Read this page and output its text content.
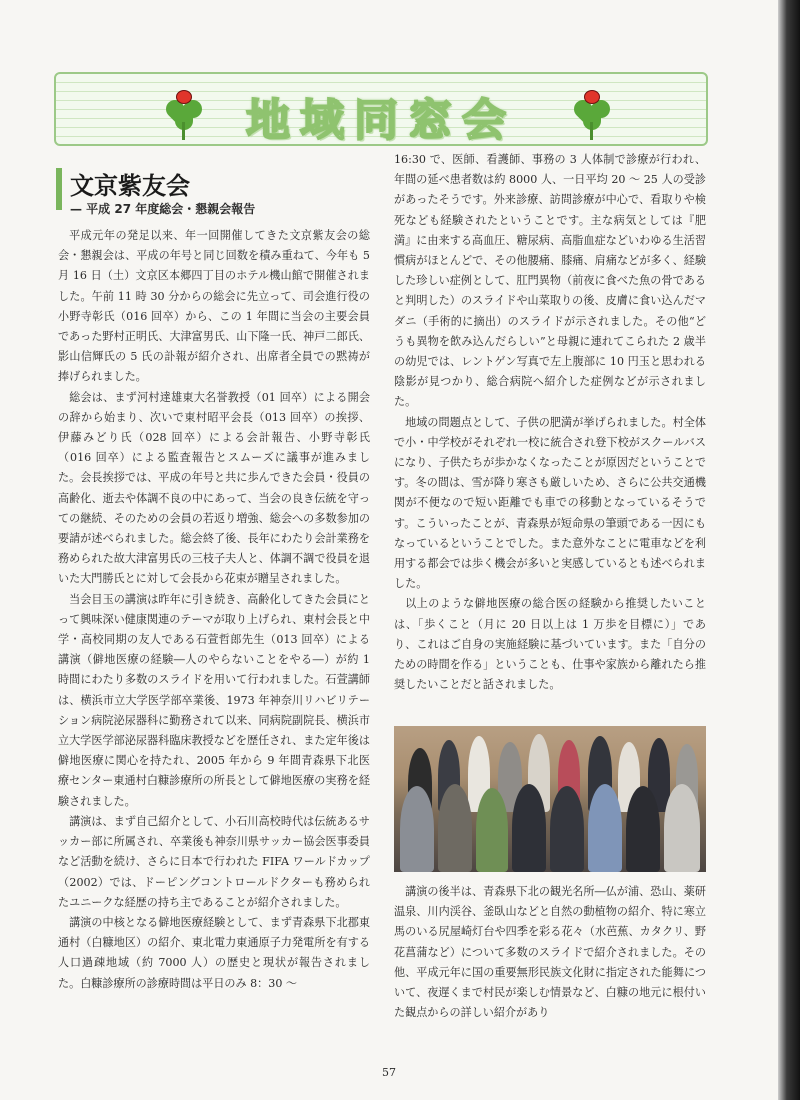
地域同窓会
文京紫友会
— 平成 27 年度総会・懇親会報告

平成元年の発足以来、年一回開催してきた文京紫友会の総会・懇親会は、平成の年号と同じ回数を積み重ねて、今年も 5 月 16 日（土）文京区本郷四丁目のホテル機山館で開催されました。午前 11 時 30 分からの総会に先立って、司会進行役の小野寺彰氏（016 回卒）から、この 1 年間に当会の主要会員であった野村正明氏、大津富男氏、山下隆一氏、神戸二郎氏、影山信輝氏の 5 氏の訃報が紹介され、出席者全員での黙祷が捧げられました。

総会は、まず河村達雄東大名誉教授（01 回卒）による開会の辞から始まり、次いで東村昭平会長（013 回卒）の挨拶、伊藤みどり氏（028 回卒）による会計報告、小野寺彰氏（016 回卒）による監査報告とスムーズに議事が進みました。会長挨拶では、平成の年号と共に歩んできた会員・役員の高齢化、逝去や体調不良の中にあって、当会の良き伝統を守っての継続、そのための会員の若返り増強、総会への多数参加の要請が述べられました。総会終了後、長年にわたり会計業務を務められた故大津富男氏の三枝子夫人と、体調不調で役員を退いた大門勝氏とに対して会長から花束が贈呈されました。

当会目玉の講演は昨年に引き続き、高齢化してきた会員にとって興味深い健康関連のテーマが取り上げられ、東村会長と中学・高校同期の友人である石萱哲郎先生（013 回卒）による講演（僻地医療の経験―人のやらないことをやる―）が約 1 時間にわたり多数のスライドを用いて行われました。石萱講師は、横浜市立大学医学部卒業後、1973 年神奈川リハビリテーション病院泌尿器科に勤務されて以来、同病院副院長、横浜市立大学医学部泌尿器科臨床教授などを歴任され、また定年後は僻地医療に関心を持たれ、2005 年から 9 年間青森県下北医療センター東通村白糠診療所の所長として僻地医療の実務を経験されました。

講演は、まず自己紹介として、小石川高校時代は伝統あるサッカー部に所属され、卒業後も神奈川県サッカー協会医事委員など活動を続け、さらに日本で行われた FIFA ワールドカップ（2002）では、ドーピングコントロールドクターも務められたユニークな経歴の持ち主であることが紹介されました。

講演の中核となる僻地医療経験として、まず青森県下北郡東通村（白糠地区）の紹介、東北電力東通原子力発電所を有する人口過疎地域（約 7000 人）の歴史と現状が報告されました。白糠診療所の診療時間は平日のみ 8：30 ～

16:30 で、医師、看護師、事務の 3 人体制で診療が行われ、年間の延べ患者数は約 8000 人、一日平均 20 ～ 25 人の受診があったそうです。外来診療、訪問診療が中心で、看取りや検死なども経験されたということです。主な病気としては『肥満』に由来する高血圧、糖尿病、高脂血症などいわゆる生活習慣病がほとんどで、その他腰痛、膝痛、肩痛などが多く、経験した珍しい症例として、肛門異物（前夜に食べた魚の骨であると判明した）のスライドや山菜取りの後、皮膚に食い込んだマダニ（手術的に摘出）のスライドが示されました。その他“どうも異物を飲み込んだらしい”と母親に連れてこられた 2 歳半の幼児では、レントゲン写真で左上腹部に 10 円玉と思われる陰影が見つかり、総合病院へ紹介した症例などが示されました。

地域の問題点として、子供の肥満が挙げられました。村全体で小・中学校がそれぞれ一校に統合され登下校がスクールバスになり、子供たちが歩かなくなったことが原因だということです。冬の間は、雪が降り寒さも厳しいため、さらに公共交通機関が不便なので短い距離でも車での移動となっているそうです。こういったことが、青森県が短命県の筆頭である一因にもなっているということでした。また意外なことに電車などを利用する都会では歩く機会が多いと実感しているとも述べられました。

以上のような僻地医療の総合医の経験から推奨したいことは、「歩くこと（月に 20 日以上は 1 万歩を目標に）」であり、これはご自身の実施経験に基づいています。また「自分のための時間を作る」ということも、仕事や家族から離れたら推奨したいことだと話されました。

講演の後半は、青森県下北の観光名所―仏が浦、恐山、薬研温泉、川内渓谷、釜臥山などと自然の動植物の紹介、特に寒立馬のいる尻屋崎灯台や四季を彩る花々（水芭蕉、カタクリ、野花菖蒲など）について多数のスライドで紹介されました。その他、平成元年に国の重要無形民族文化財に指定された能舞について、夜遅くまで村民が楽しむ情景など、白糠の地元に根付いた観点からの詳しい紹介があり

57
